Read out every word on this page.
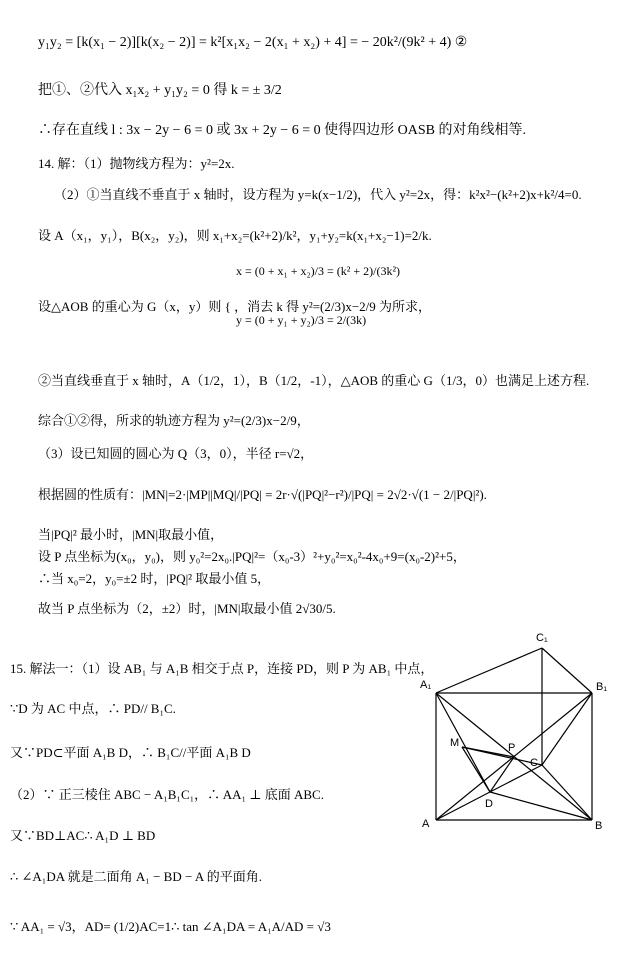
y₁y₂ = [k(x₁ − 2)][k(x₂ − 2)] = k²[x₁x₂ − 2(x₁ + x₂) + 4] = − 20k²/(9k² + 4) ②
把①、②代入 x₁x₂ + y₁y₂ = 0 得 k = ± 3/2
∴存在直线 l : 3x − 2y − 6 = 0 或 3x + 2y − 6 = 0 使得四边形 OASB 的对角线相等.
14. 解：（1）抛物线方程为：y²=2x.
（2）①当直线不垂直于 x 轴时，设方程为 y=k(x−1/2)，代入 y²=2x，得：k²x²−(k²+2)x+k²/4=0.
设 A（x₁，y₁），B(x₂，y₂)，则 x₁+x₂=(k²+2)/k²，y₁+y₂=k(x₁+x₂−1)=2/k.
x = (0 + x₁ + x₂)/3 = (k² + 2)/(3k²)
设△AOB 的重心为 G（x，y）则 { ，消去 k 得 y²=(2/3)x−2/9 为所求，
y = (0 + y₁ + y₂)/3 = 2/(3k)
②当直线垂直于 x 轴时，A（1/2，1），B（1/2，-1），△AOB 的重心 G（1/3，0）也满足上述方程.
综合①②得，所求的轨迹方程为 y²=(2/3)x−2/9，
（3）设已知圆的圆心为 Q（3，0），半径 r=√2，
根据圆的性质有：|MN|=2·|MP||MQ|/|PQ| = 2r·√(|PQ|²−r²)/|PQ| = 2√2·√(1 − 2/|PQ|²).
当|PQ|² 最小时，|MN|取最小值，
设 P 点坐标为(x₀，y₀)，则 y₀²=2x₀.|PQ|²=（x₀-3）²+y₀²=x₀²-4x₀+9=(x₀-2)²+5，
∴当 x₀=2，y₀=±2 时，|PQ|² 取最小值 5，
故当 P 点坐标为（2，±2）时，|MN|取最小值 2√30/5.
15. 解法一：（1）设 AB₁ 与 A₁B 相交于点 P，连接 PD，则 P 为 AB₁ 中点，
∵D 为 AC 中点，∴ PD// B₁C.
又∵PD⊂平面 A₁B D，∴ B₁C//平面 A₁B D
（2）∵ 正三棱住 ABC − A₁B₁C₁，∴ AA₁ ⊥ 底面 ABC.
又∵BD⊥AC∴ A₁D ⊥ BD
∴ ∠A₁DA 就是二面角 A₁ − BD − A 的平面角.
∵ AA₁ = √3，AD= (1/2)AC=1∴ tan ∠A₁DA = A₁A/AD = √3
C₁
A₁	B₁
M	P
C
D
A	B
